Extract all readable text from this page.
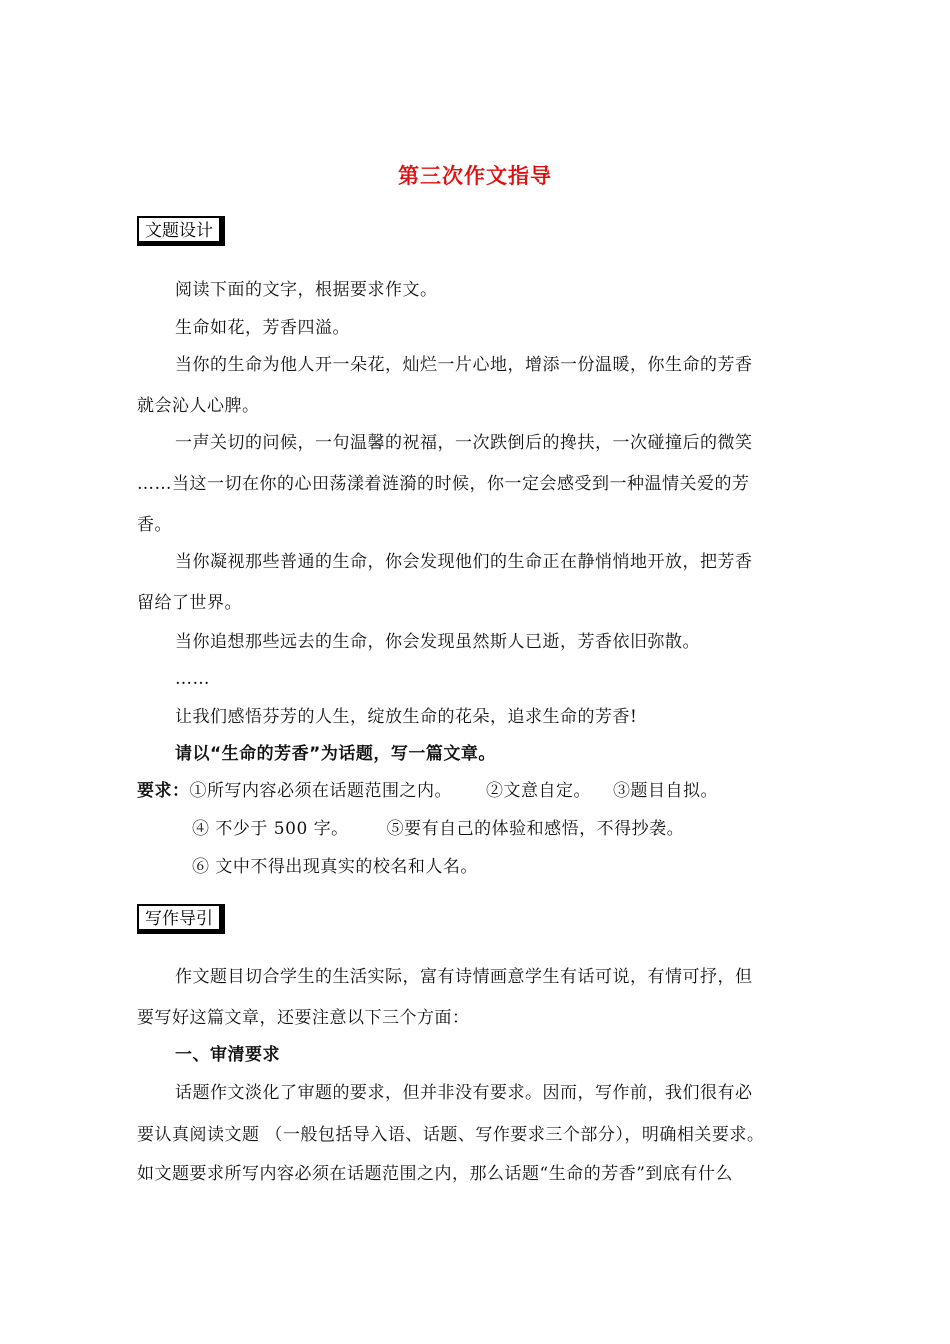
第三次作文指导
文题设计
阅读下面的文字，根据要求作文。
生命如花，芳香四溢。
当你的生命为他人开一朵花，灿烂一片心地，增添一份温暖，你生命的芳香
就会沁人心脾。
一声关切的问候，一句温馨的祝福，一次跌倒后的搀扶，一次碰撞后的微笑
……当这一切在你的心田荡漾着涟漪的时候，你一定会感受到一种温情关爱的芳
香。
当你凝视那些普通的生命，你会发现他们的生命正在静悄悄地开放，把芳香
留给了世界。
当你追想那些远去的生命，你会发现虽然斯人已逝，芳香依旧弥散。
……
让我们感悟芬芳的人生，绽放生命的花朵，追求生命的芳香!
请以“生命的芳香”为话题，写一篇文章。
要求：①所写内容必须在话题范围之内。 ②文意自定。 ③题目自拟。
④ 不少于 500 字。 ⑤要有自己的体验和感悟，不得抄袭。
⑥ 文中不得出现真实的校名和人名。
写作导引
作文题目切合学生的生活实际，富有诗情画意学生有话可说，有情可抒，但
要写好这篇文章，还要注意以下三个方面：
一、审清要求
话题作文淡化了审题的要求，但并非没有要求。因而，写作前，我们很有必
要认真阅读文题 （一般包括导入语、话题、写作要求三个部分），明确相关要求。
如文题要求所写内容必须在话题范围之内，那么话题“生命的芳香”到底有什么
